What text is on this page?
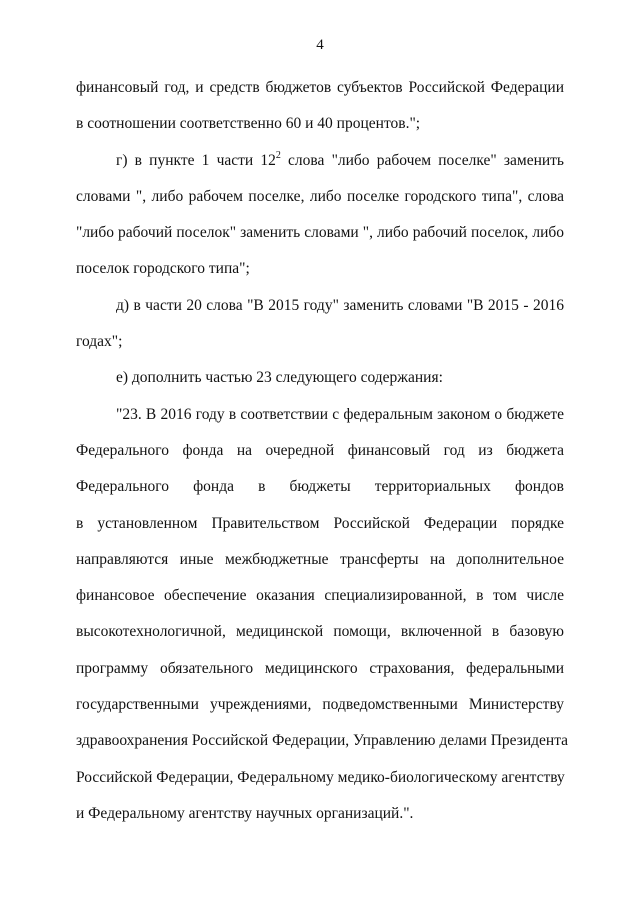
4
финансовый год, и средств бюджетов субъектов Российской Федерации
в соотношении соответственно 60 и 40 процентов.";
г) в пункте 1 части $12^2$ слова "либо рабочем поселке" заменить
словами ", либо рабочем поселке, либо поселке городского типа", слова
"либо рабочий поселок" заменить словами ", либо рабочий поселок, либо
поселок городского типа";
д) в части 20 слова "В 2015 году" заменить словами "В 2015 - 2016
годах";
е) дополнить частью 23 следующего содержания:
"23. В 2016 году в соответствии с федеральным законом о бюджете
Федерального фонда на очередной финансовый год из бюджета
Федерального фонда в бюджеты территориальных фондов
в установленном Правительством Российской Федерации порядке
направляются иные межбюджетные трансферты на дополнительное
финансовое обеспечение оказания специализированной, в том числе
высокотехнологичной, медицинской помощи, включенной в базовую
программу обязательного медицинского страхования, федеральными
государственными учреждениями, подведомственными Министерству
здравоохранения Российской Федерации, Управлению делами Президента
Российской Федерации, Федеральному медико-биологическому агентству
и Федеральному агентству научных организаций.".
